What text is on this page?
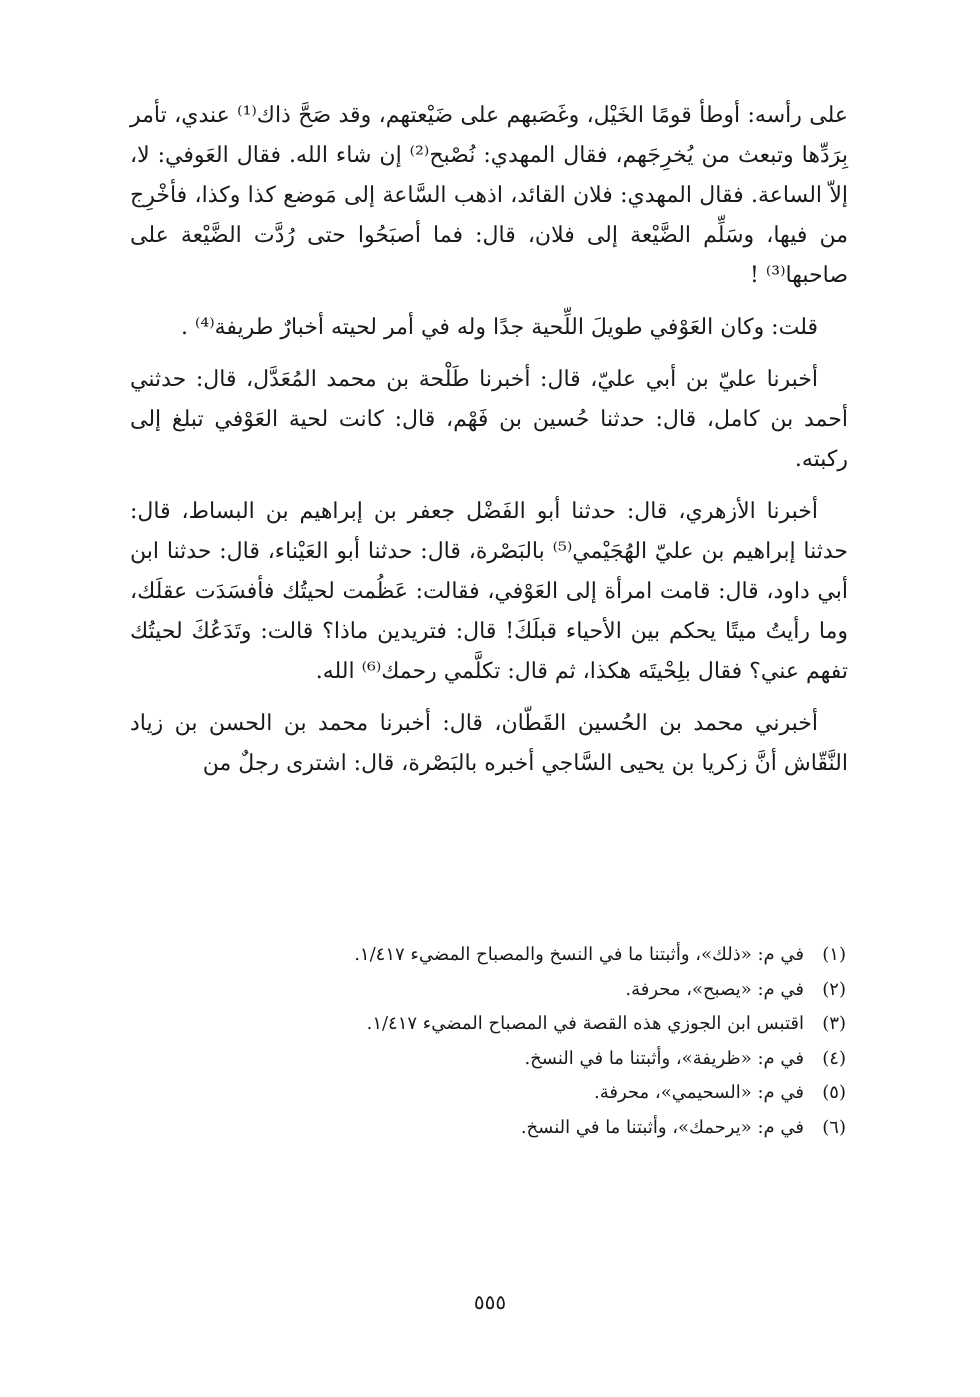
على رأسه: أوطأ قومًا الخَيْل، وغَصَبهم على ضَيْعتهم، وقد صَحَّ ذاك⁽¹⁾ عندي، تأمر بِرَدِّها وتبعث من يُخرِجَهم، فقال المهدي: نُصْبح⁽²⁾ إن شاء الله. فقال العَوفي: لا، إلاّ الساعة. فقال المهدي: فلان القائد، اذهب السَّاعة إلى مَوضع كذا وكذا، فأخْرِج من فيها، وسَلِّم الضَّيْعة إلى فلان، قال: فما أصبَحُوا حتى رُدَّت الضَّيْعة على صاحبها⁽³⁾ !

قلت: وكان العَوْفي طويلَ اللِّحية جدًا وله في أمر لحيته أخبارٌ طريفة⁽⁴⁾ .

أخبرنا عليّ بن أبي عليّ، قال: أخبرنا طَلْحة بن محمد المُعَدَّل، قال: حدثني أحمد بن كامل، قال: حدثنا حُسين بن فَهْم، قال: كانت لحية العَوْفي تبلغ إلى ركبته.

أخبرنا الأزهري، قال: حدثنا أبو الفَضْل جعفر بن إبراهيم بن البساط، قال: حدثنا إبراهيم بن عليّ الهُجَيْمي⁽⁵⁾ بالبَصْرة، قال: حدثنا أبو العَيْناء، قال: حدثنا ابن أبي داود، قال: قامت امرأة إلى العَوْفي، فقالت: عَظُمت لحيتُك فأفسَدَت عقلَك، وما رأيتُ ميتًا يحكم بين الأحياء قبلَكَ! قال: فتريدين ماذا؟ قالت: وتَدَعُكَ لحيتُك تفهم عني؟ فقال بلِحْيتَه هكذا، ثم قال: تكلَّمي رحمك⁽⁶⁾ الله.

أخبرني محمد بن الحُسين القَطّان، قال: أخبرنا محمد بن الحسن بن زياد النَّقّاش أنَّ زكريا بن يحيى السَّاجي أخبره بالبَصْرة، قال: اشترى رجلٌ من

(١)
في م: «ذلك»، وأثبتنا ما في النسخ والمصباح المضيء ١/٤١٧.
(٢)
في م: «يصبح»، محرفة.
(٣)
اقتبس ابن الجوزي هذه القصة في المصباح المضيء ١/٤١٧.
(٤)
في م: «ظريفة»، وأثبتنا ما في النسخ.
(٥)
في م: «السحيمي»، محرفة.
(٦)
في م: «يرحمك»، وأثبتنا ما في النسخ.
٥٥٥
